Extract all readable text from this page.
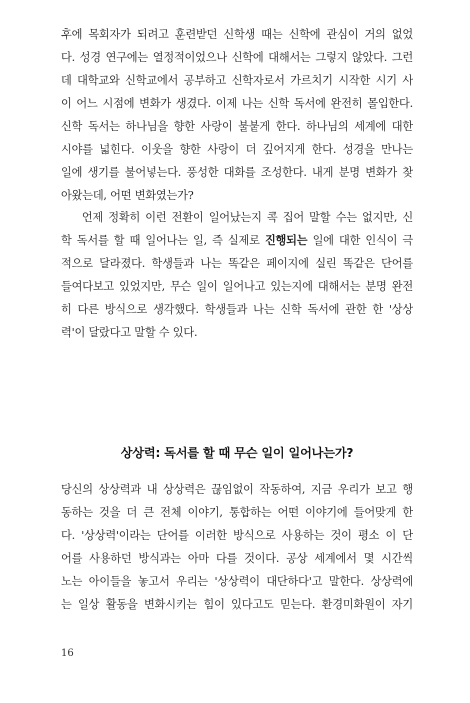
후에 목회자가 되려고 훈련받던 신학생 때는 신학에 관심이 거의 없었
다. 성경 연구에는 열정적이었으나 신학에 대해서는 그렇지 않았다. 그런
데 대학교와 신학교에서 공부하고 신학자로서 가르치기 시작한 시기 사
이 어느 시점에 변화가 생겼다. 이제 나는 신학 독서에 완전히 몰입한다.
신학 독서는 하나님을 향한 사랑이 불붙게 한다. 하나님의 세계에 대한
시야를 넓힌다. 이웃을 향한 사랑이 더 깊어지게 한다. 성경을 만나는
일에 생기를 불어넣는다. 풍성한 대화를 조성한다. 내게 분명 변화가 찾
아왔는데, 어떤 변화였는가?
언제 정확히 이런 전환이 일어났는지 콕 집어 말할 수는 없지만, 신
학 독서를 할 때 일어나는 일, 즉 실제로 진행되는 일에 대한 인식이 극
적으로 달라졌다. 학생들과 나는 똑같은 페이지에 실린 똑같은 단어를
들여다보고 있었지만, 무슨 일이 일어나고 있는지에 대해서는 분명 완전
히 다른 방식으로 생각했다. 학생들과 나는 신학 독서에 관한 한 '상상
력'이 달랐다고 말할 수 있다.
상상력: 독서를 할 때 무슨 일이 일어나는가?
당신의 상상력과 내 상상력은 끊임없이 작동하여, 지금 우리가 보고 행
동하는 것을 더 큰 전체 이야기, 통합하는 어떤 이야기에 들어맞게 한
다. '상상력'이라는 단어를 이러한 방식으로 사용하는 것이 평소 이 단
어를 사용하던 방식과는 아마 다를 것이다. 공상 세계에서 몇 시간씩
노는 아이들을 놓고서 우리는 '상상력이 대단하다'고 말한다. 상상력에
는 일상 활동을 변화시키는 힘이 있다고도 믿는다. 환경미화원이 자기
16
